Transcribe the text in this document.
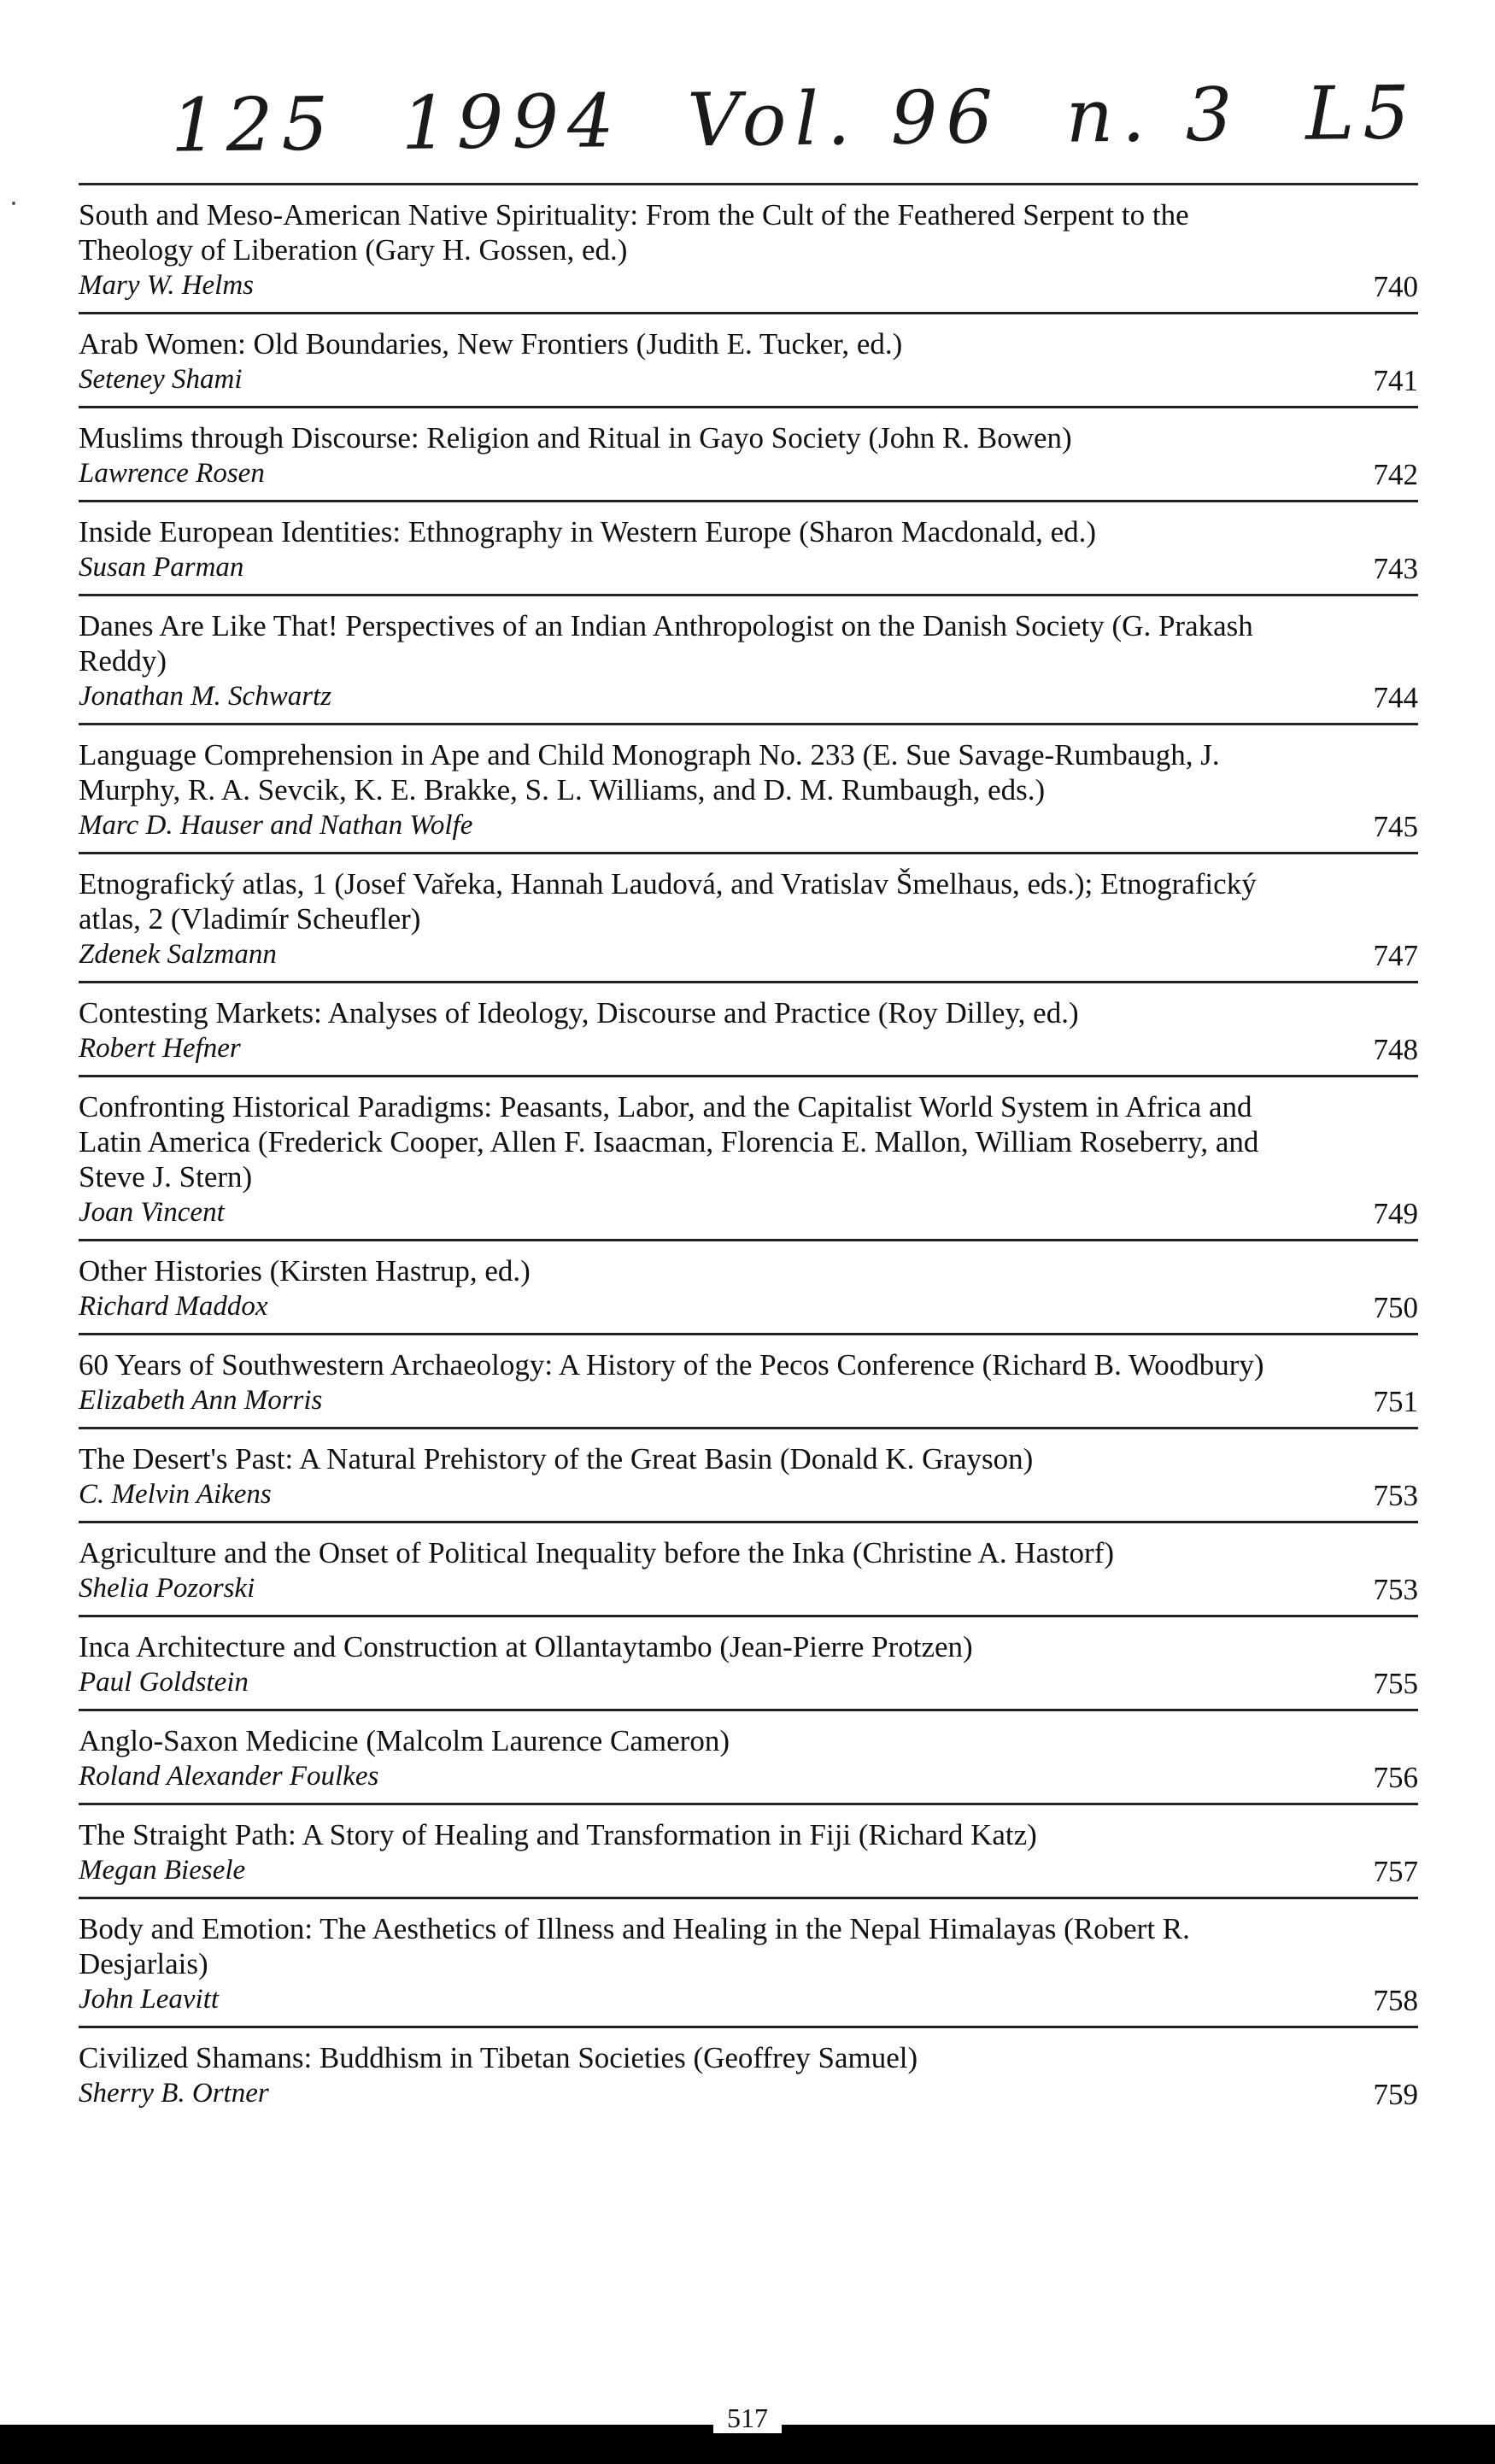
125 1994 Vol. 96 n. 3 L5
South and Meso-American Native Spirituality: From the Cult of the Feathered Serpent to the Theology of Liberation (Gary H. Gossen, ed.)
Mary W. Helms	740
Arab Women: Old Boundaries, New Frontiers (Judith E. Tucker, ed.)
Seteney Shami	741
Muslims through Discourse: Religion and Ritual in Gayo Society (John R. Bowen)
Lawrence Rosen	742
Inside European Identities: Ethnography in Western Europe (Sharon Macdonald, ed.)
Susan Parman	743
Danes Are Like That! Perspectives of an Indian Anthropologist on the Danish Society (G. Prakash Reddy)
Jonathan M. Schwartz	744
Language Comprehension in Ape and Child Monograph No. 233 (E. Sue Savage-Rumbaugh, J. Murphy, R. A. Sevcik, K. E. Brakke, S. L. Williams, and D. M. Rumbaugh, eds.)
Marc D. Hauser and Nathan Wolfe	745
Etnografický atlas, 1 (Josef Vařeka, Hannah Laudová, and Vratislav Šmelhaus, eds.); Etnografický atlas, 2 (Vladimír Scheufler)
Zdenek Salzmann	747
Contesting Markets: Analyses of Ideology, Discourse and Practice (Roy Dilley, ed.)
Robert Hefner	748
Confronting Historical Paradigms: Peasants, Labor, and the Capitalist World System in Africa and Latin America (Frederick Cooper, Allen F. Isaacman, Florencia E. Mallon, William Roseberry, and Steve J. Stern)
Joan Vincent	749
Other Histories (Kirsten Hastrup, ed.)
Richard Maddox	750
60 Years of Southwestern Archaeology: A History of the Pecos Conference (Richard B. Woodbury)
Elizabeth Ann Morris	751
The Desert's Past: A Natural Prehistory of the Great Basin (Donald K. Grayson)
C. Melvin Aikens	753
Agriculture and the Onset of Political Inequality before the Inka (Christine A. Hastorf)
Shelia Pozorski	753
Inca Architecture and Construction at Ollantaytambo (Jean-Pierre Protzen)
Paul Goldstein	755
Anglo-Saxon Medicine (Malcolm Laurence Cameron)
Roland Alexander Foulkes	756
The Straight Path: A Story of Healing and Transformation in Fiji (Richard Katz)
Megan Biesele	757
Body and Emotion: The Aesthetics of Illness and Healing in the Nepal Himalayas (Robert R. Desjarlais)
John Leavitt	758
Civilized Shamans: Buddhism in Tibetan Societies (Geoffrey Samuel)
Sherry B. Ortner	759
517
